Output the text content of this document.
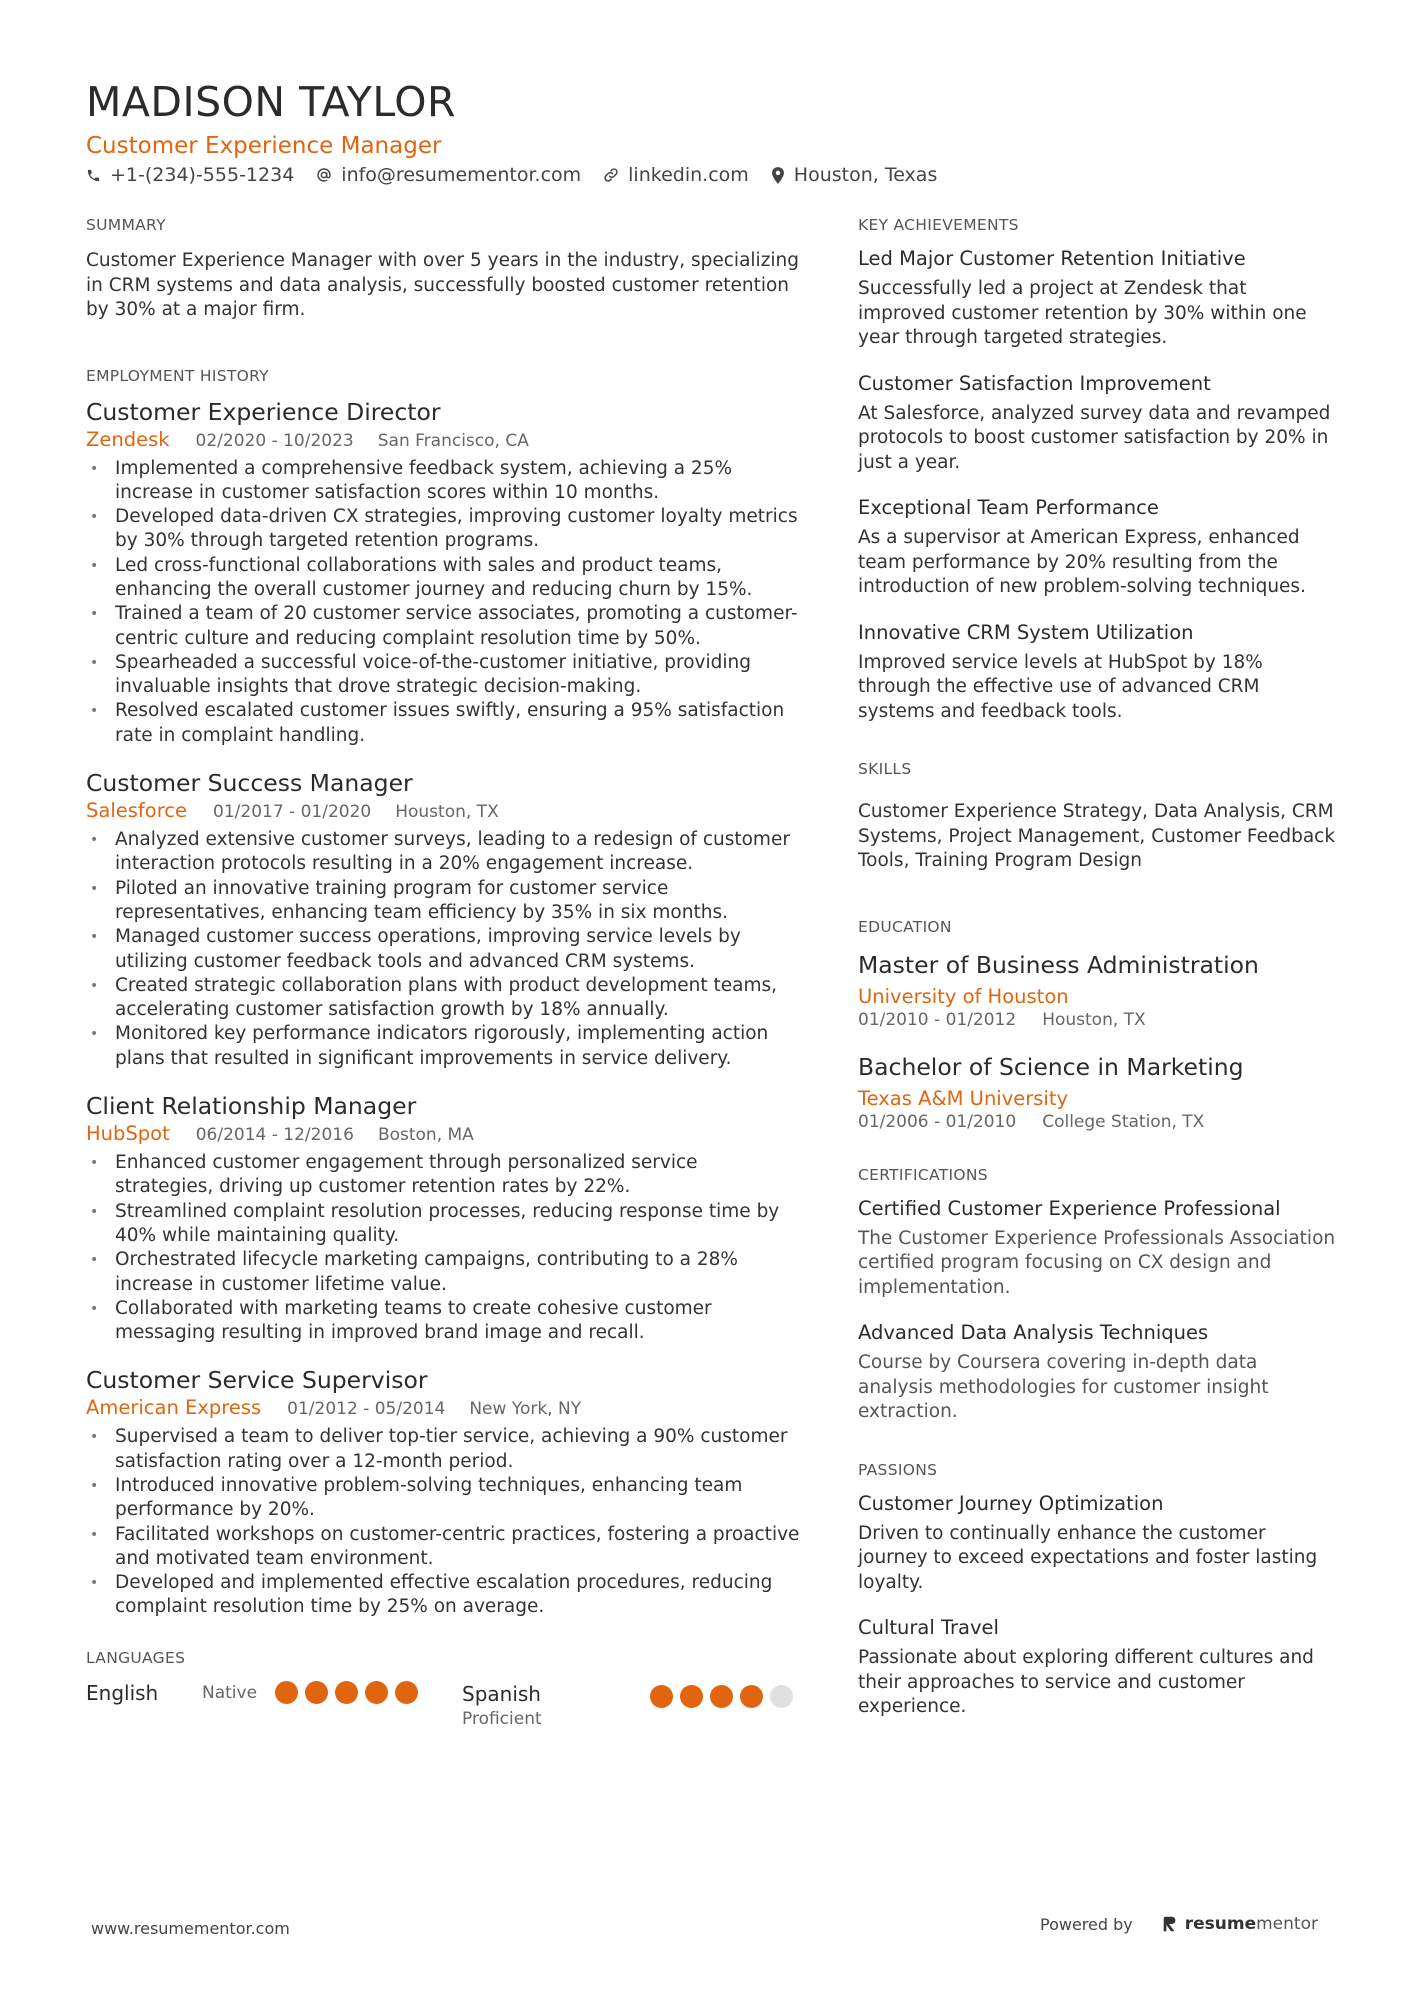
MADISON TAYLOR
Customer Experience Manager
+1-(234)-555-1234 info@resumementor.com linkedin.com Houston, Texas
SUMMARY

Customer Experience Manager with over 5 years in the industry, specializing in CRM systems and data analysis, successfully boosted customer retention by 30% at a major firm.

EMPLOYMENT HISTORY
Customer Experience Director
Zendesk 02/2020 - 10/2023 San Francisco, CA
• Implemented a comprehensive feedback system, achieving a 25% increase in customer satisfaction scores within 10 months.
• Developed data-driven CX strategies, improving customer loyalty metrics by 30% through targeted retention programs.
• Led cross-functional collaborations with sales and product teams, enhancing the overall customer journey and reducing churn by 15%.
• Trained a team of 20 customer service associates, promoting a customer-centric culture and reducing complaint resolution time by 50%.
• Spearheaded a successful voice-of-the-customer initiative, providing invaluable insights that drove strategic decision-making.
• Resolved escalated customer issues swiftly, ensuring a 95% satisfaction rate in complaint handling.
Customer Success Manager
Salesforce 01/2017 - 01/2020 Houston, TX
• Analyzed extensive customer surveys, leading to a redesign of customer interaction protocols resulting in a 20% engagement increase.
• Piloted an innovative training program for customer service representatives, enhancing team efficiency by 35% in six months.
• Managed customer success operations, improving service levels by utilizing customer feedback tools and advanced CRM systems.
• Created strategic collaboration plans with product development teams, accelerating customer satisfaction growth by 18% annually.
• Monitored key performance indicators rigorously, implementing action plans that resulted in significant improvements in service delivery.
Client Relationship Manager
HubSpot 06/2014 - 12/2016 Boston, MA
• Enhanced customer engagement through personalized service strategies, driving up customer retention rates by 22%.
• Streamlined complaint resolution processes, reducing response time by 40% while maintaining quality.
• Orchestrated lifecycle marketing campaigns, contributing to a 28% increase in customer lifetime value.
• Collaborated with marketing teams to create cohesive customer messaging resulting in improved brand image and recall.
Customer Service Supervisor
American Express 01/2012 - 05/2014 New York, NY
• Supervised a team to deliver top-tier service, achieving a 90% customer satisfaction rating over a 12-month period.
• Introduced innovative problem-solving techniques, enhancing team performance by 20%.
• Facilitated workshops on customer-centric practices, fostering a proactive and motivated team environment.
• Developed and implemented effective escalation procedures, reducing complaint resolution time by 25% on average.
LANGUAGES
English	Native	Spanish
Proficient
KEY ACHIEVEMENTS
Led Major Customer Retention Initiative
Successfully led a project at Zendesk that improved customer retention by 30% within one year through targeted strategies.
Customer Satisfaction Improvement
At Salesforce, analyzed survey data and revamped protocols to boost customer satisfaction by 20% in just a year.
Exceptional Team Performance
As a supervisor at American Express, enhanced team performance by 20% resulting from the introduction of new problem-solving techniques.
Innovative CRM System Utilization
Improved service levels at HubSpot by 18% through the effective use of advanced CRM systems and feedback tools.
SKILLS

Customer Experience Strategy, Data Analysis, CRM Systems, Project Management, Customer Feedback Tools, Training Program Design

EDUCATION
Master of Business Administration
University of Houston
01/2010 - 01/2012 Houston, TX
Bachelor of Science in Marketing
Texas A&M University
01/2006 - 01/2010 College Station, TX
CERTIFICATIONS
Certified Customer Experience Professional
The Customer Experience Professionals Association certified program focusing on CX design and implementation.
Advanced Data Analysis Techniques
Course by Coursera covering in-depth data analysis methodologies for customer insight extraction.
PASSIONS
Customer Journey Optimization
Driven to continually enhance the customer journey to exceed expectations and foster lasting loyalty.
Cultural Travel
Passionate about exploring different cultures and their approaches to service and customer experience.
www.resumementor.com	Powered by	resume mentor
